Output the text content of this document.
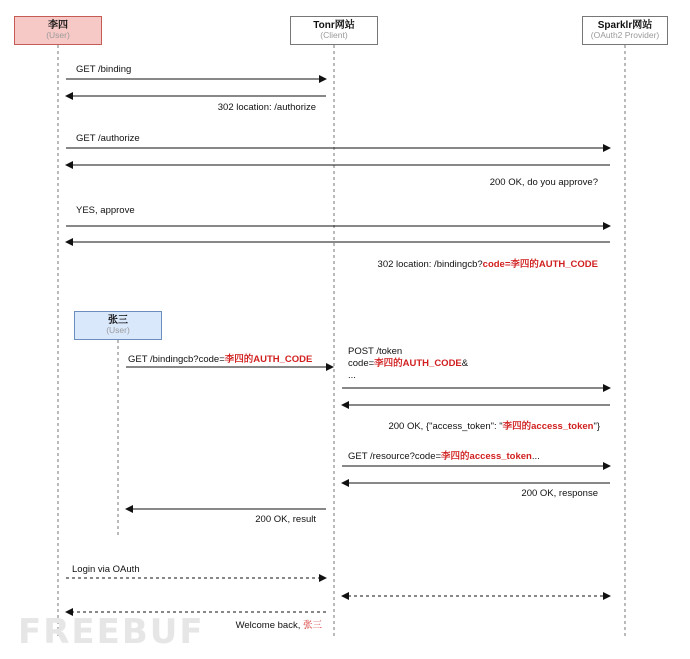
李四
(User)
Tonr网站
(Client)
Sparklr网站
(OAuth2 Provider)
张三
(User)
GET /binding
302 location: /authorize
GET /authorize
200 OK, do you approve?
YES, approve
302 location: /bindingcb?code=李四的AUTH_CODE
GET /bindingcb?code=李四的AUTH_CODE
POST /token
code=李四的AUTH_CODE&
...
200 OK, {"access_token": "李四的access_token"}
GET /resource?code=李四的access_token...
200 OK, response
200 OK, result
Login via OAuth
Welcome back, 张三
FREEBUF
